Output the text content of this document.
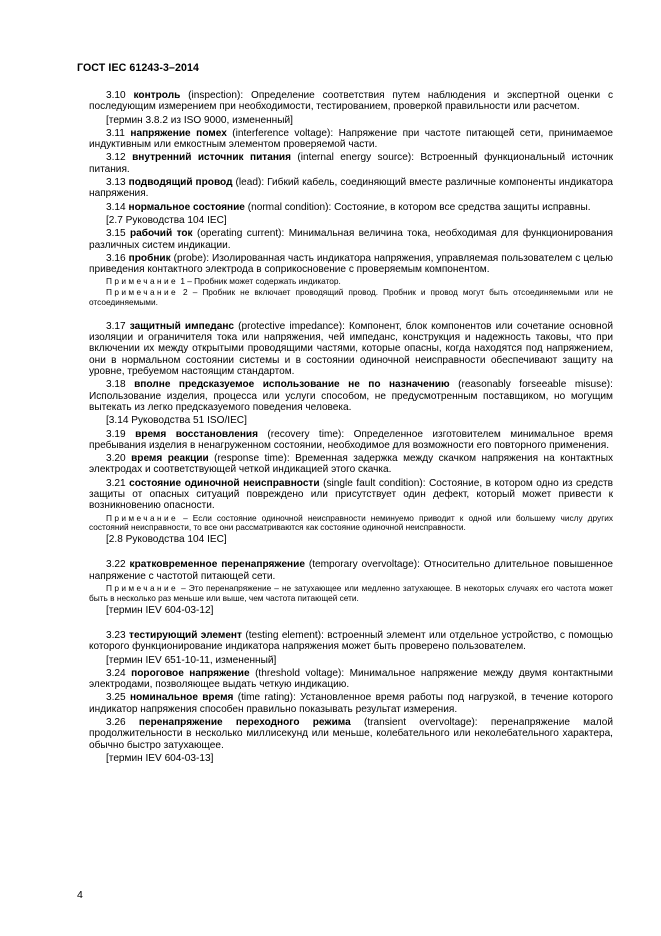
ГОСТ IEC 61243-3–2014

3.10 контроль (inspection): Определение соответствия путем наблюдения и экспертной оценки с последующим измерением при необходимости, тестированием, проверкой правильности или расчетом.

[термин 3.8.2 из ISO 9000, измененный]

3.11 напряжение помех (interference voltage): Напряжение при частоте питающей сети, принимаемое индуктивным или емкостным элементом проверяемой части.

3.12 внутренний источник питания (internal energy source): Встроенный функциональный источник питания.

3.13 подводящий провод (lead): Гибкий кабель, соединяющий вместе различные компоненты индикатора напряжения.

3.14 нормальное состояние (normal condition): Состояние, в котором все средства защиты исправны.

[2.7 Руководства 104 IEC]

3.15 рабочий ток (operating current): Минимальная величина тока, необходимая для функционирования различных систем индикации.

3.16 пробник (probe): Изолированная часть индикатора напряжения, управляемая пользователем с целью приведения контактного электрода в соприкосновение с проверяемым компонентом.

Примечание 1 – Пробник может содержать индикатор.

Примечание 2 – Пробник не включает проводящий провод. Пробник и провод могут быть отсоединяемыми или не отсоединяемыми.

3.17 защитный импеданс (protective impedance): Компонент, блок компонентов или сочетание основной изоляции и ограничителя тока или напряжения, чей импеданс, конструкция и надежность таковы, что при включении их между открытыми проводящими частями, которые опасны, когда находятся под напряжением, они в нормальном состоянии системы и в состоянии одиночной неисправности обеспечивают защиту на уровне, требуемом настоящим стандартом.

3.18 вполне предсказуемое использование не по назначению (reasonably forseeable misuse): Использование изделия, процесса или услуги способом, не предусмотренным поставщиком, но могущим вытекать из легко предсказуемого поведения человека.

[3.14 Руководства 51 ISO/IEC]

3.19 время восстановления (recovery time): Определенное изготовителем минимальное время пребывания изделия в ненагруженном состоянии, необходимое для возможности его повторного применения.

3.20 время реакции (response time): Временная задержка между скачком напряжения на контактных электродах и соответствующей четкой индикацией этого скачка.

3.21 состояние одиночной неисправности (single fault condition): Состояние, в котором одно из средств защиты от опасных ситуаций повреждено или присутствует один дефект, который может привести к возникновению опасности.

Примечание – Если состояние одиночной неисправности неминуемо приводит к одной или большему числу других состояний неисправности, то все они рассматриваются как состояние одиночной неисправности.

[2.8 Руководства 104 IEC]

3.22 кратковременное перенапряжение (temporary overvoltage): Относительно длительное повышенное напряжение с частотой питающей сети.

Примечание – Это перенапряжение – не затухающее или медленно затухающее. В некоторых случаях его частота может быть в несколько раз меньше или выше, чем частота питающей сети.

[термин IEV 604-03-12]

3.23 тестирующий элемент (testing element): встроенный элемент или отдельное устройство, с помощью которого функционирование индикатора напряжения может быть проверено пользователем.

[термин IEV 651-10-11, измененный]

3.24 пороговое напряжение (threshold voltage): Минимальное напряжение между двумя контактными электродами, позволяющее выдать четкую индикацию.

3.25 номинальное время (time rating): Установленное время работы под нагрузкой, в течение которого индикатор напряжения способен правильно показывать результат измерения.

3.26 перенапряжение переходного режима (transient overvoltage): перенапряжение малой продолжительности в несколько миллисекунд или меньше, колебательного или неколебательного характера, обычно быстро затухающее.

[термин IEV 604-03-13]

4
